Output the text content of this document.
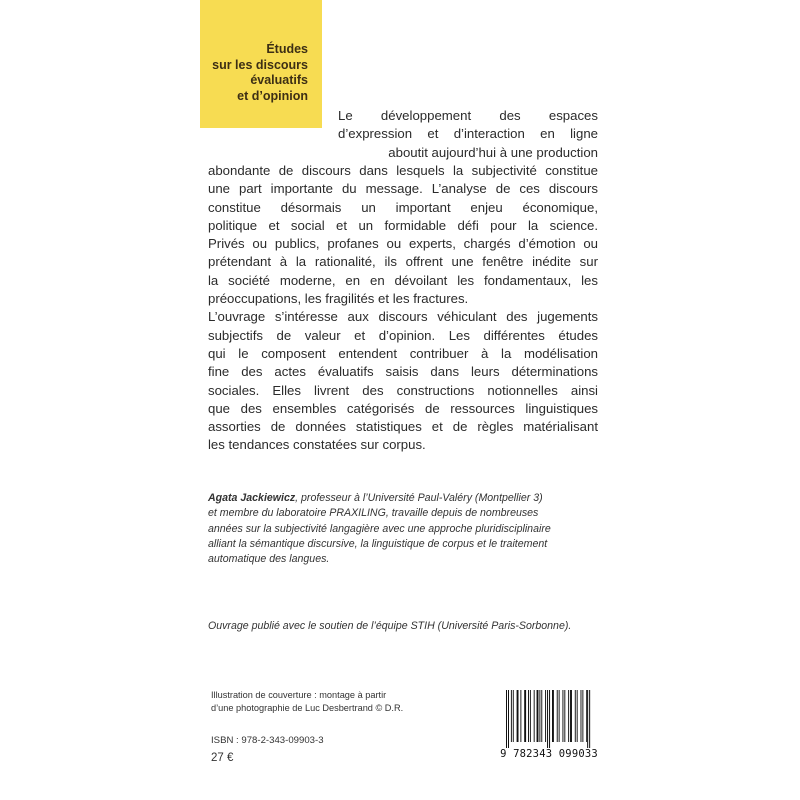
Études
sur les discours
évaluatifs
et d’opinion
Le développement des espaces
d’expression et d’interaction en ligne
aboutit aujourd’hui à une production
abondante de discours dans lesquels la subjectivité constitue
une part importante du message. L’analyse de ces discours
constitue désormais un important enjeu économique,
politique et social et un formidable défi pour la science.
Privés ou publics, profanes ou experts, chargés d’émotion ou
prétendant à la rationalité, ils offrent une fenêtre inédite sur
la société moderne, en en dévoilant les fondamentaux, les
préoccupations, les fragilités et les fractures.
L’ouvrage s’intéresse aux discours véhiculant des jugements
subjectifs de valeur et d’opinion. Les différentes études
qui le composent entendent contribuer à la modélisation
fine des actes évaluatifs saisis dans leurs déterminations
sociales. Elles livrent des constructions notionnelles ainsi
que des ensembles catégorisés de ressources linguistiques
assorties de données statistiques et de règles matérialisant
les tendances constatées sur corpus.
Agata Jackiewicz, professeur à l’Université Paul-Valéry (Montpellier 3)
et membre du laboratoire PRAXILING, travaille depuis de nombreuses
années sur la subjectivité langagière avec une approche pluridisciplinaire
alliant la sémantique discursive, la linguistique de corpus et le traitement
automatique des langues.
Ouvrage publié avec le soutien de l’équipe STIH (Université Paris-Sorbonne).
Illustration de couverture : montage à partir
d’une photographie de Luc Desbertrand © D.R.
ISBN : 978-2-343-09903-3
27 €	9 782343 099033
